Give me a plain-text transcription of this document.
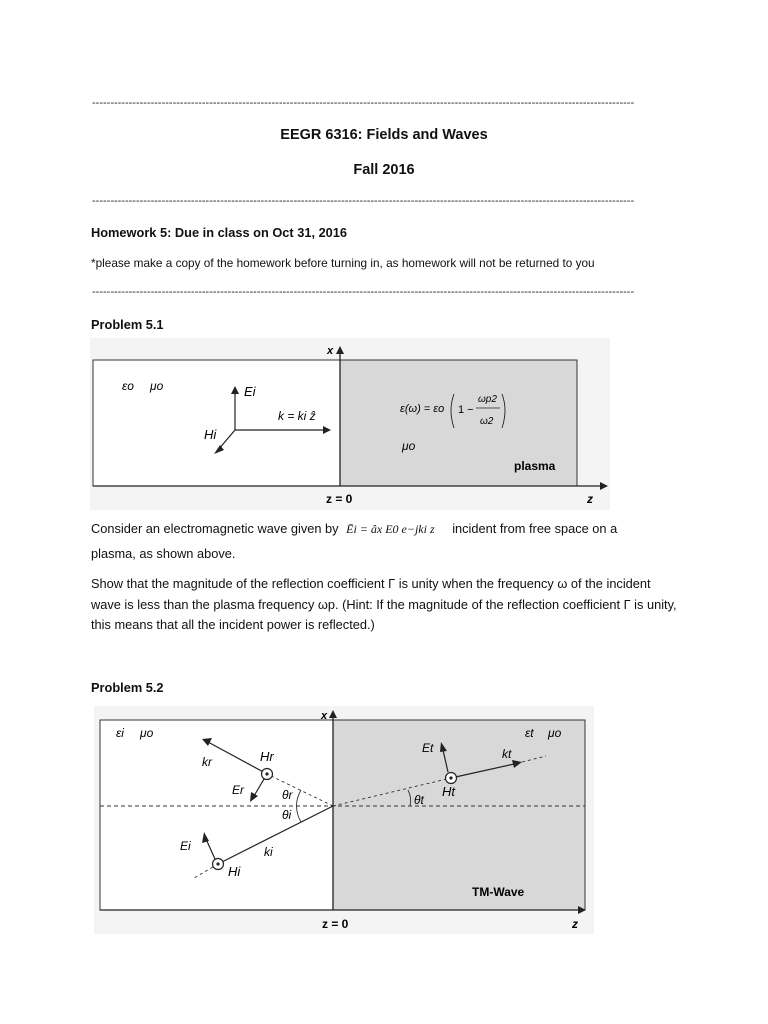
----------------------------------------------------------------------------------------------------------------------------------------------------
EEGR 6316: Fields and Waves
Fall 2016
----------------------------------------------------------------------------------------------------------------------------------------------------
Homework 5: Due in class on Oct 31, 2016
*please make a copy of the homework before turning in, as homework will not be returned to you
----------------------------------------------------------------------------------------------------------------------------------------------------
Problem 5.1
x
z
z = 0
εo μo	Ei
Hi
k = ki ẑ	ε(ω) = εo 1 −
ωp2
ω2
μo
plasma
Consider an electromagnetic wave given by Ēi = âx E0 e−jki z incident from free space on a
plasma, as shown above.
Show that the magnitude of the reflection coefficient Γ is unity when the frequency ω of the incident wave is less than the plasma frequency ωp. (Hint: If the magnitude of the reflection coefficient Γ is unity, this means that all the incident power is reflected.)
Problem 5.2
x
z
z = 0
εi μo	εt μo
kr	Hr
Er
Hi
Ei	ki
θr
θi
kt
Ht
Et
θt
TM-Wave
